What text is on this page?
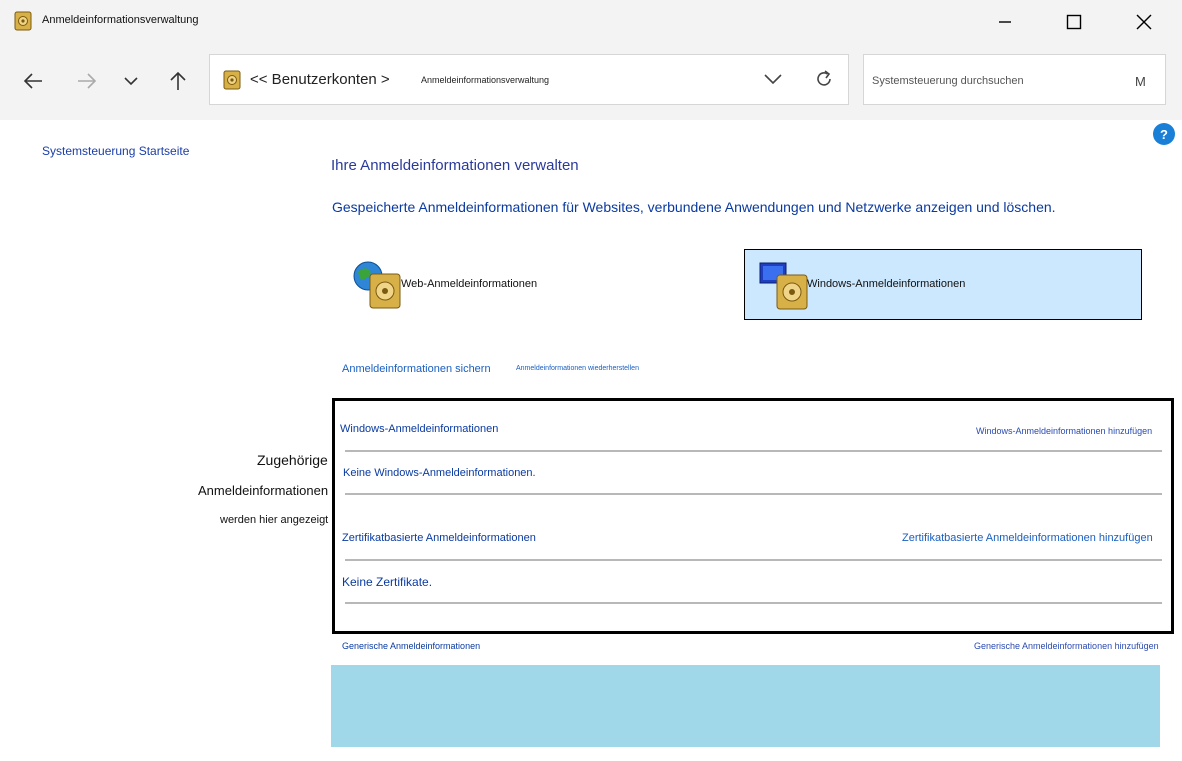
Anmeldeinformationsverwaltung
<< Benutzerkonten >	Anmeldeinformationsverwaltung	Systemsteuerung durchsuchen	M
?
Systemsteuerung Startseite
Zugehörige
Anmeldeinformationen
werden hier angezeigt
Ihre Anmeldeinformationen verwalten
Gespeicherte Anmeldeinformationen für Websites, verbundene Anwendungen und Netzwerke anzeigen und löschen.
Web-Anmeldeinformationen	Windows-Anmeldeinformationen
Anmeldeinformationen sichern	Anmeldeinformationen wiederherstellen
Windows-Anmeldeinformationen	Windows-Anmeldeinformationen hinzufügen
Keine Windows-Anmeldeinformationen.
Zertifikatbasierte Anmeldeinformationen	Zertifikatbasierte Anmeldeinformationen hinzufügen
Keine Zertifikate.
Generische Anmeldeinformationen	Generische Anmeldeinformationen hinzufügen
